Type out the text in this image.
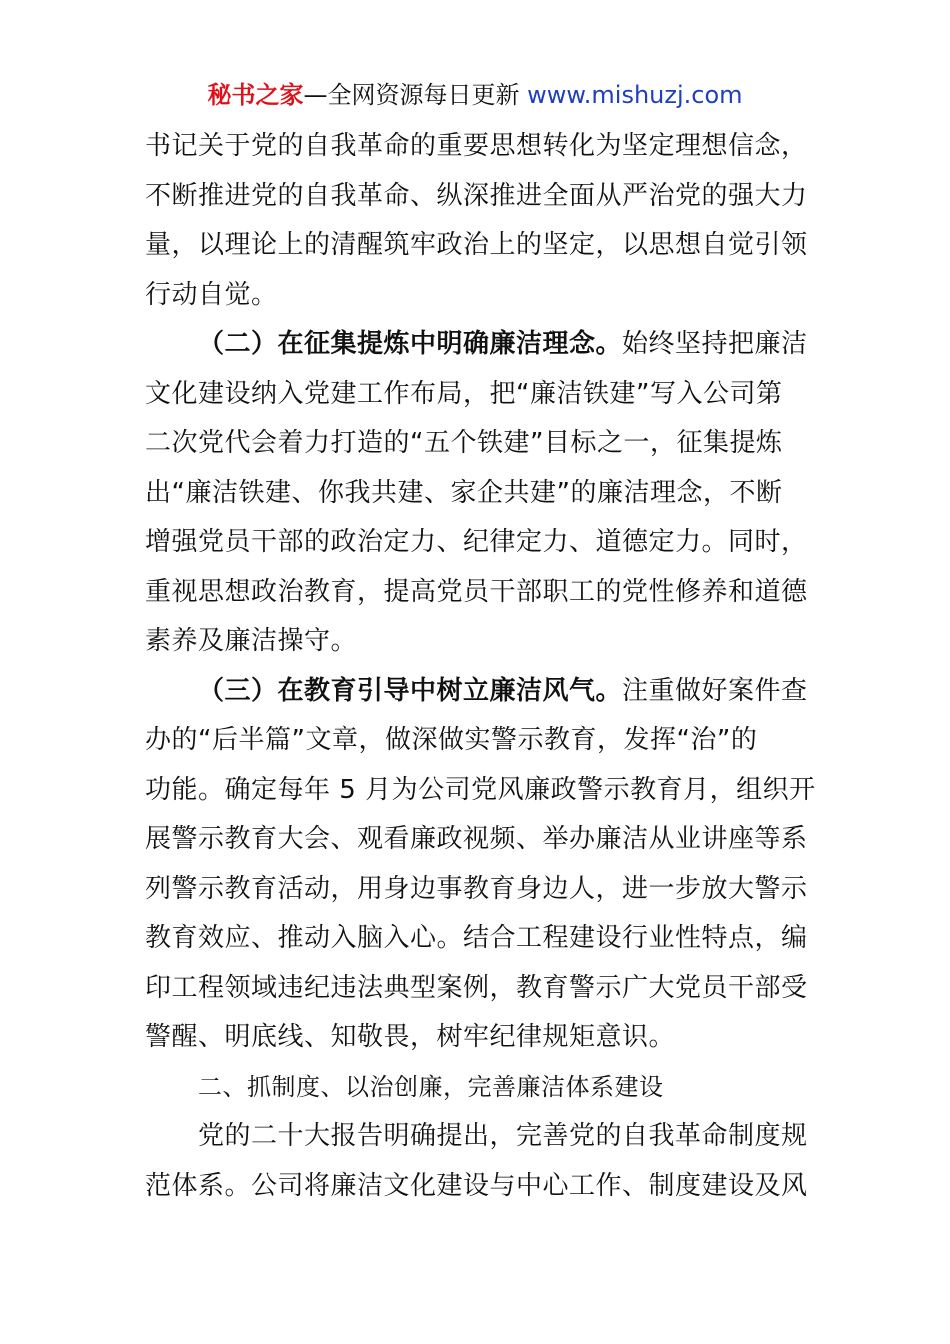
秘书之家—全网资源每日更新 www.mishuzj.com
书记关于党的自我革命的重要思想转化为坚定理想信念，
不断推进党的自我革命、纵深推进全面从严治党的强大力
量，以理论上的清醒筑牢政治上的坚定，以思想自觉引领
行动自觉。
（二）在征集提炼中明确廉洁理念。始终坚持把廉洁
文化建设纳入党建工作布局，把“廉洁铁建”写入公司第
二次党代会着力打造的“五个铁建”目标之一，征集提炼
出“廉洁铁建、你我共建、家企共建”的廉洁理念，不断
增强党员干部的政治定力、纪律定力、道德定力。同时，
重视思想政治教育，提高党员干部职工的党性修养和道德
素养及廉洁操守。
（三）在教育引导中树立廉洁风气。注重做好案件查
办的“后半篇”文章，做深做实警示教育，发挥“治”的
功能。确定每年 5 月为公司党风廉政警示教育月，组织开
展警示教育大会、观看廉政视频、举办廉洁从业讲座等系
列警示教育活动，用身边事教育身边人，进一步放大警示
教育效应、推动入脑入心。结合工程建设行业性特点，编
印工程领域违纪违法典型案例，教育警示广大党员干部受
警醒、明底线、知敬畏，树牢纪律规矩意识。
二、抓制度、以治创廉，完善廉洁体系建设
党的二十大报告明确提出，完善党的自我革命制度规
范体系。公司将廉洁文化建设与中心工作、制度建设及风
